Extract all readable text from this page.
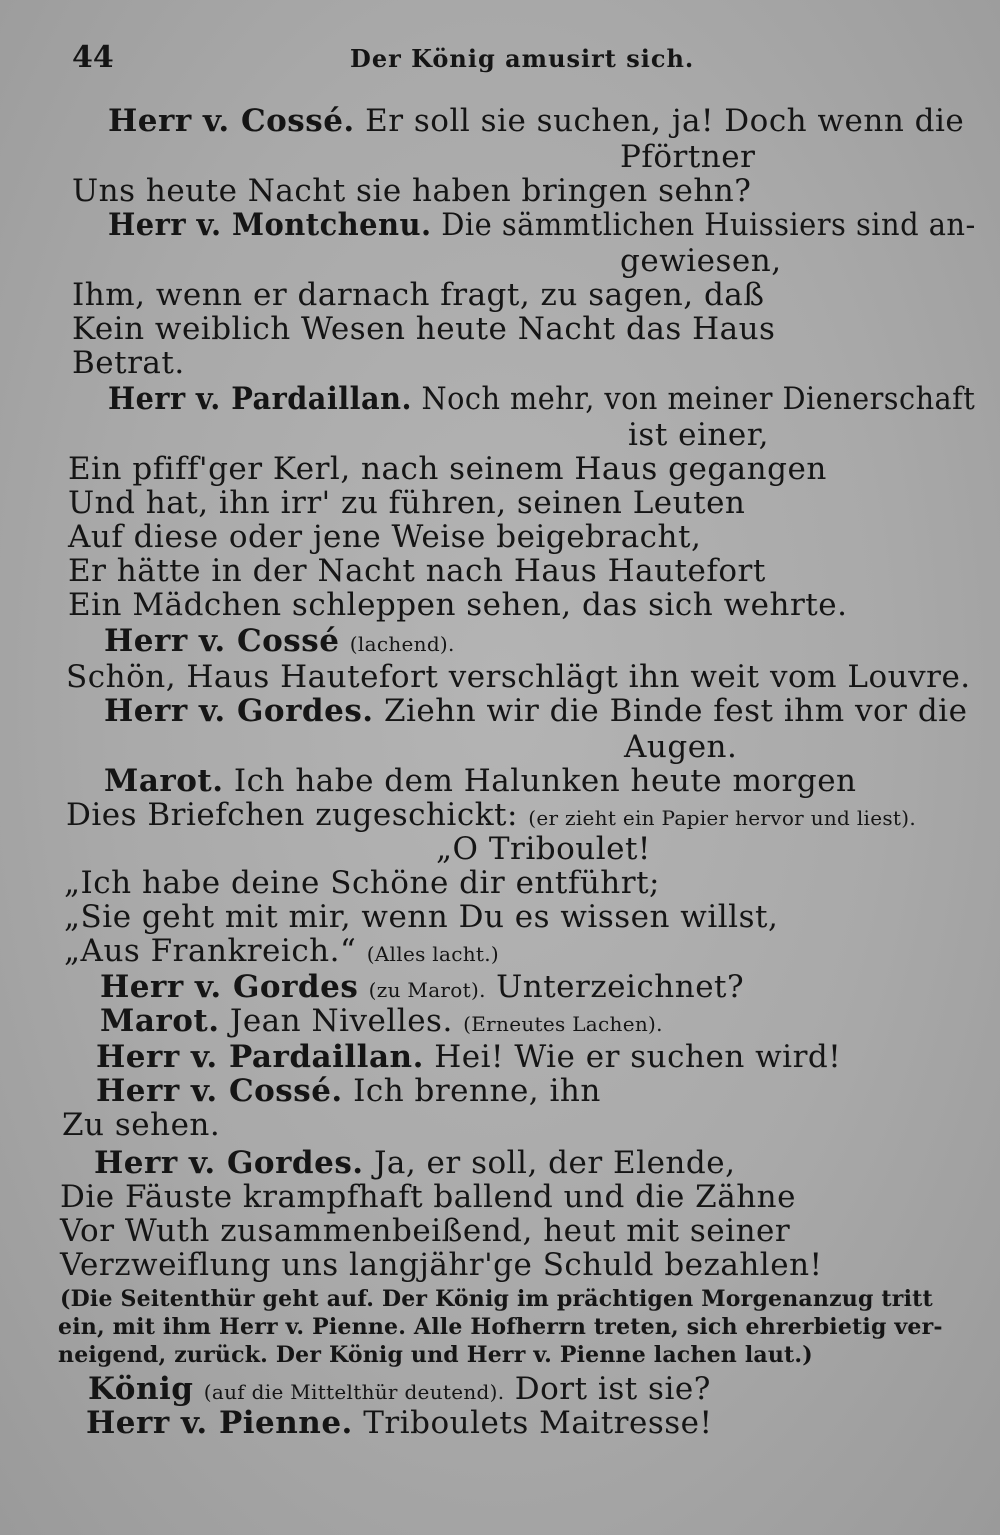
44	Der König amusirt sich.
Herr v. Cossé. Er soll sie suchen, ja! Doch wenn die
Pförtner
Uns heute Nacht sie haben bringen sehn?
Herr v. Montchenu. Die sämmtlichen Huissiers sind an-
gewiesen,
Ihm, wenn er darnach fragt, zu sagen, daß
Kein weiblich Wesen heute Nacht das Haus
Betrat.
Herr v. Pardaillan. Noch mehr, von meiner Dienerschaft
ist einer,
Ein pfiff'ger Kerl, nach seinem Haus gegangen
Und hat, ihn irr' zu führen, seinen Leuten
Auf diese oder jene Weise beigebracht,
Er hätte in der Nacht nach Haus Hautefort
Ein Mädchen schleppen sehen, das sich wehrte.
Herr v. Cossé (lachend).
Schön, Haus Hautefort verschlägt ihn weit vom Louvre.
Herr v. Gordes. Ziehn wir die Binde fest ihm vor die
Augen.
Marot. Ich habe dem Halunken heute morgen
Dies Briefchen zugeschickt: (er zieht ein Papier hervor und liest).
„O Triboulet!
„Ich habe deine Schöne dir entführt;
„Sie geht mit mir, wenn Du es wissen willst,
„Aus Frankreich.“ (Alles lacht.)
Herr v. Gordes (zu Marot). Unterzeichnet?
Marot. Jean Nivelles. (Erneutes Lachen).
Herr v. Pardaillan. Hei! Wie er suchen wird!
Herr v. Cossé. Ich brenne, ihn
Zu sehen.
Herr v. Gordes. Ja, er soll, der Elende,
Die Fäuste krampfhaft ballend und die Zähne
Vor Wuth zusammenbeißend, heut mit seiner
Verzweiflung uns langjähr'ge Schuld bezahlen!
(Die Seitenthür geht auf. Der König im prächtigen Morgenanzug tritt
ein, mit ihm Herr v. Pienne. Alle Hofherrn treten, sich ehrerbietig ver-
neigend, zurück. Der König und Herr v. Pienne lachen laut.)
König (auf die Mittelthür deutend). Dort ist sie?
Herr v. Pienne. Triboulets Maitresse!
